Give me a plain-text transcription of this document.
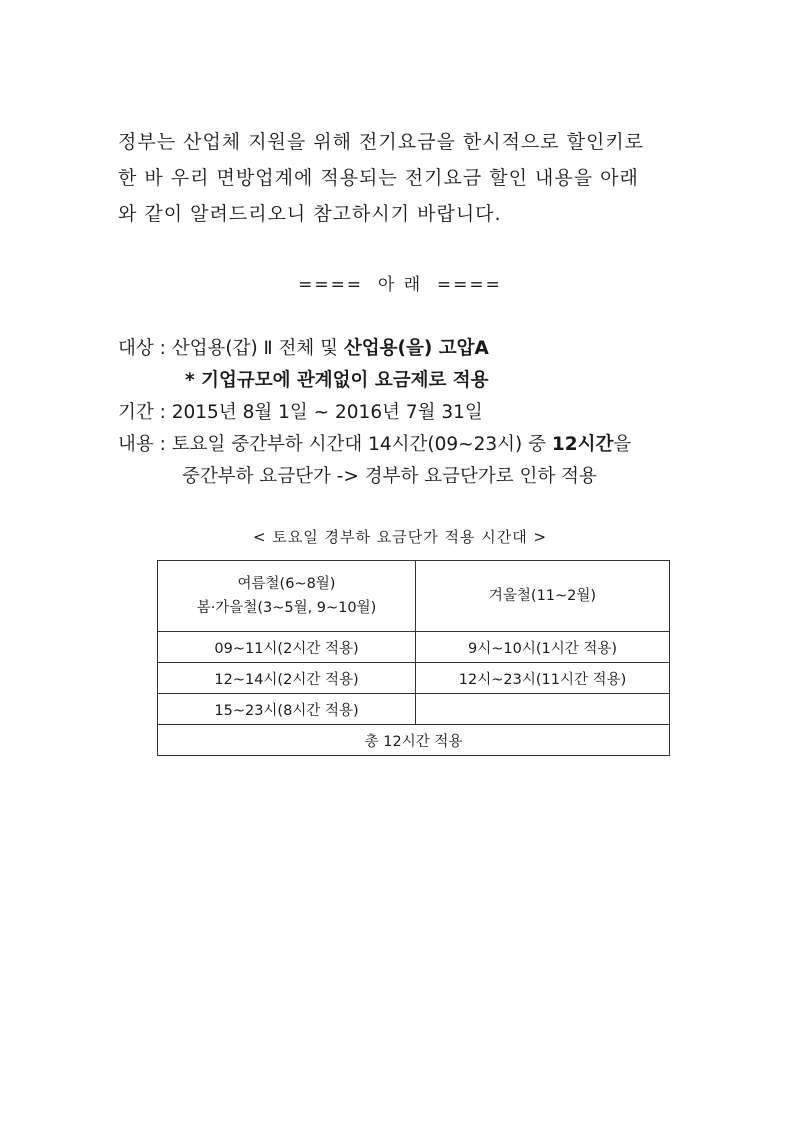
정부는 산업체 지원을 위해 전기요금을 한시적으로 할인키로
한 바 우리 면방업계에 적용되는 전기요금 할인 내용을 아래
와 같이 알려드리오니 참고하시기 바랍니다.
====  아 래  ====
대상 : 산업용(갑) Ⅱ 전체 및 산업용(을) 고압A
* 기업규모에 관계없이 요금제로 적용
기간 : 2015년 8월 1일 ~ 2016년 7월 31일
내용 : 토요일 중간부하 시간대 14시간(09~23시) 중 12시간을
중간부하 요금단가 -> 경부하 요금단가로 인하 적용
< 토요일 경부하 요금단가 적용 시간대 >
여름철(6~8월)
봄·가을철(3~5월, 9~10월)	겨울철(11~2월)
09~11시(2시간 적용)	9시~10시(1시간 적용)
12~14시(2시간 적용)	12시~23시(11시간 적용)
15~23시(8시간 적용)	
총 12시간 적용	
